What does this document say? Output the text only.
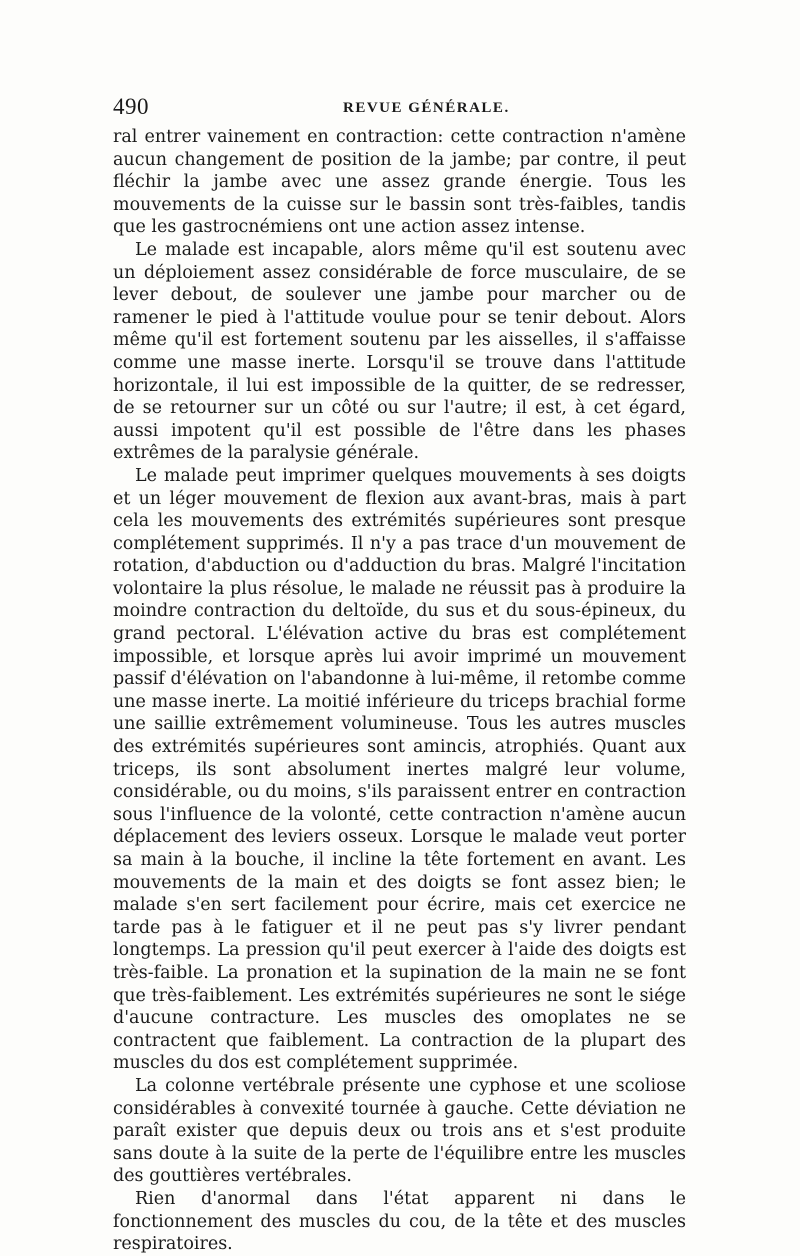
490	REVUE GÉNÉRALE.

ral entrer vainement en contraction: cette contraction n'amène aucun changement de position de la jambe; par contre, il peut fléchir la jambe avec une assez grande énergie. Tous les mouvements de la cuisse sur le bassin sont très-faibles, tandis que les gastrocnémiens ont une action assez intense.

Le malade est incapable, alors même qu'il est soutenu avec un déploiement assez considérable de force musculaire, de se lever debout, de soulever une jambe pour marcher ou de ramener le pied à l'attitude voulue pour se tenir debout. Alors même qu'il est fortement soutenu par les aisselles, il s'affaisse comme une masse inerte. Lorsqu'il se trouve dans l'attitude horizontale, il lui est impossible de la quitter, de se redresser, de se retourner sur un côté ou sur l'autre; il est, à cet égard, aussi impotent qu'il est possible de l'être dans les phases extrêmes de la paralysie générale.

Le malade peut imprimer quelques mouvements à ses doigts et un léger mouvement de flexion aux avant-bras, mais à part cela les mouvements des extrémités supérieures sont presque complétement supprimés. Il n'y a pas trace d'un mouvement de rotation, d'abduction ou d'adduction du bras. Malgré l'incitation volontaire la plus résolue, le malade ne réussit pas à produire la moindre contraction du deltoïde, du sus et du sous-épineux, du grand pectoral. L'élévation active du bras est complétement impossible, et lorsque après lui avoir imprimé un mouvement passif d'élévation on l'abandonne à lui-même, il retombe comme une masse inerte. La moitié inférieure du triceps brachial forme une saillie extrêmement volumineuse. Tous les autres muscles des extrémités supérieures sont amincis, atrophiés. Quant aux triceps, ils sont absolument inertes malgré leur volume, considérable, ou du moins, s'ils paraissent entrer en contraction sous l'influence de la volonté, cette contraction n'amène aucun déplacement des leviers osseux. Lorsque le malade veut porter sa main à la bouche, il incline la tête fortement en avant. Les mouvements de la main et des doigts se font assez bien; le malade s'en sert facilement pour écrire, mais cet exercice ne tarde pas à le fatiguer et il ne peut pas s'y livrer pendant longtemps. La pression qu'il peut exercer à l'aide des doigts est très-faible. La pronation et la supination de la main ne se font que très-faiblement. Les extrémités supérieures ne sont le siége d'aucune contracture. Les muscles des omoplates ne se contractent que faiblement. La contraction de la plupart des muscles du dos est complétement supprimée.

La colonne vertébrale présente une cyphose et une scoliose considérables à convexité tournée à gauche. Cette déviation ne paraît exister que depuis deux ou trois ans et s'est produite sans doute à la suite de la perte de l'équilibre entre les muscles des gouttières vertébrales.

Rien d'anormal dans l'état apparent ni dans le fonctionnement des muscles du cou, de la tête et des muscles respiratoires.
